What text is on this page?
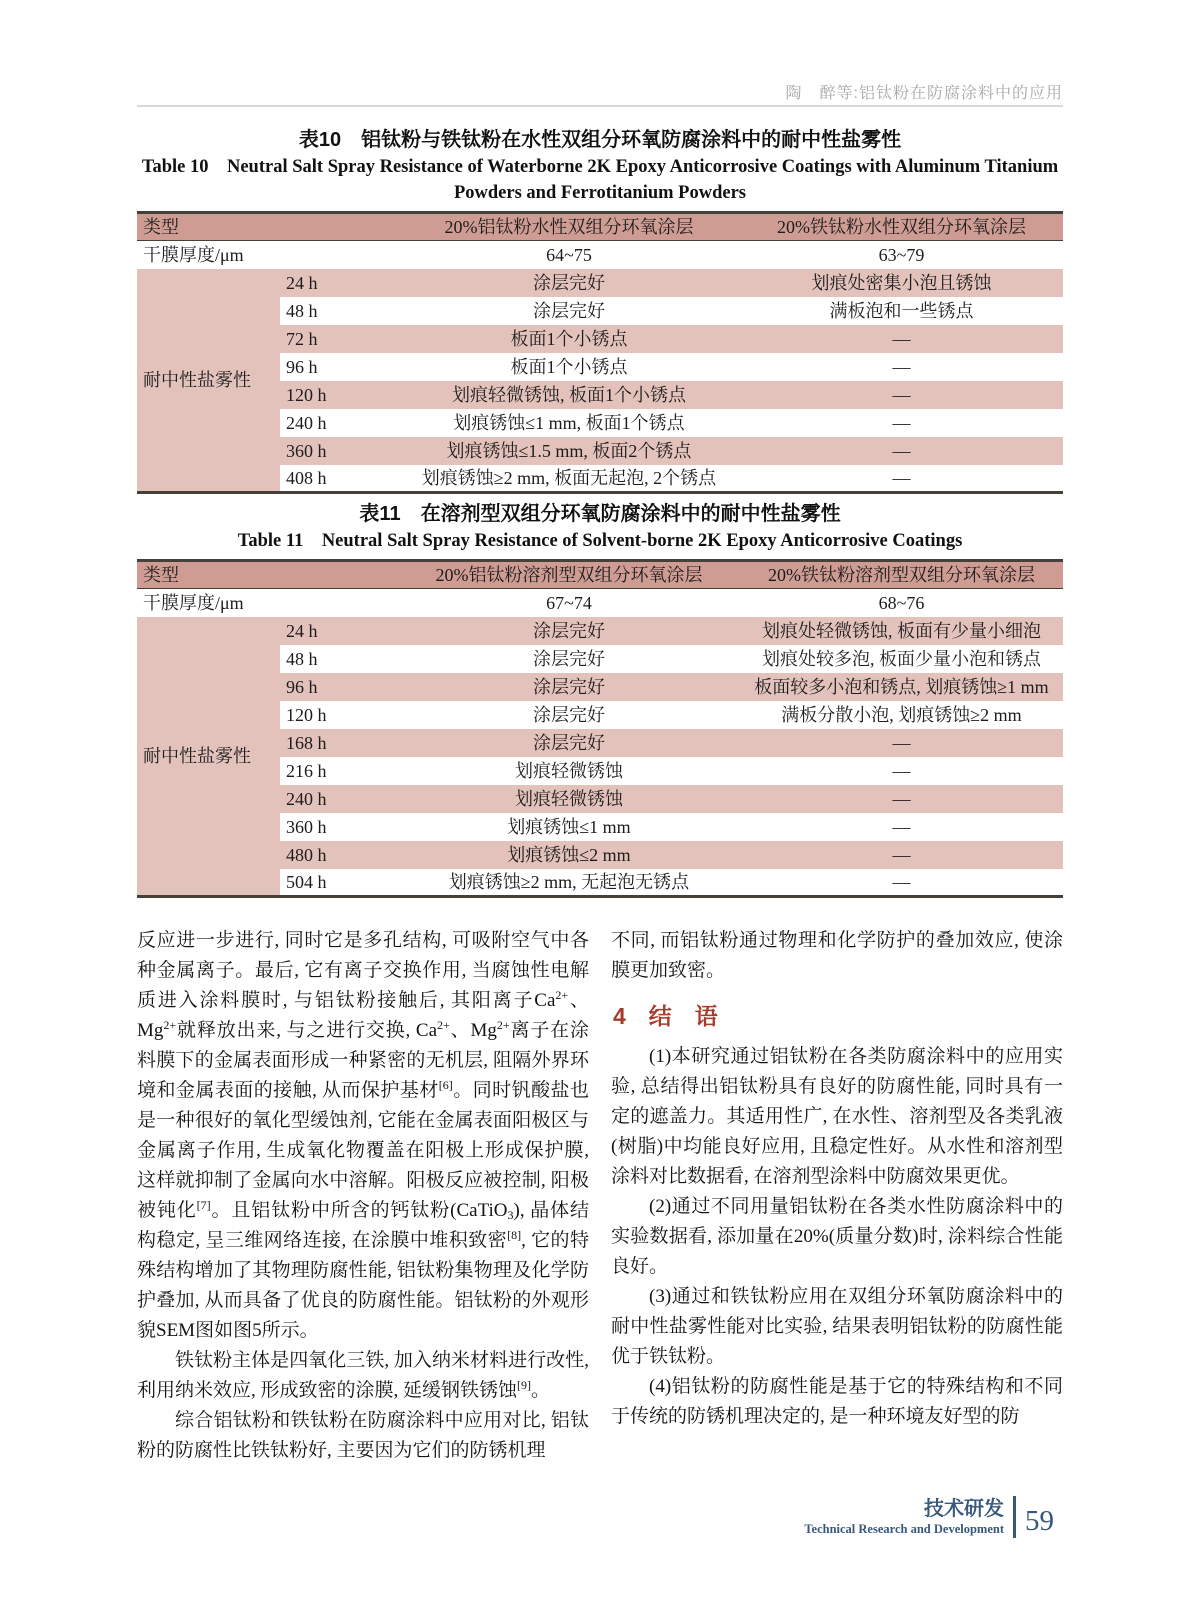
陶　醉等:铝钛粉在防腐涂料中的应用
表10　铝钛粉与铁钛粉在水性双组分环氧防腐涂料中的耐中性盐雾性
Table 10　Neutral Salt Spray Resistance of Waterborne 2K Epoxy Anticorrosive Coatings with Aluminum Titanium
Powders and Ferrotitanium Powders
类型		20%铝钛粉水性双组分环氧涂层	20%铁钛粉水性双组分环氧涂层
干膜厚度/μm		64~75	63~79
耐中性盐雾性	24 h	涂层完好	划痕处密集小泡且锈蚀
	48 h	涂层完好	满板泡和一些锈点
	72 h	板面1个小锈点	—
	96 h	板面1个小锈点	—
	120 h	划痕轻微锈蚀, 板面1个小锈点	—
	240 h	划痕锈蚀≤1 mm, 板面1个锈点	—
	360 h	划痕锈蚀≤1.5 mm, 板面2个锈点	—
	408 h	划痕锈蚀≥2 mm, 板面无起泡, 2个锈点	—
表11　在溶剂型双组分环氧防腐涂料中的耐中性盐雾性
Table 11　Neutral Salt Spray Resistance of Solvent-borne 2K Epoxy Anticorrosive Coatings
类型		20%铝钛粉溶剂型双组分环氧涂层	20%铁钛粉溶剂型双组分环氧涂层
干膜厚度/μm		67~74	68~76
耐中性盐雾性	24 h	涂层完好	划痕处轻微锈蚀, 板面有少量小细泡
	48 h	涂层完好	划痕处较多泡, 板面少量小泡和锈点
	96 h	涂层完好	板面较多小泡和锈点, 划痕锈蚀≥1 mm
	120 h	涂层完好	满板分散小泡, 划痕锈蚀≥2 mm
	168 h	涂层完好	—
	216 h	划痕轻微锈蚀	—
	240 h	划痕轻微锈蚀	—
	360 h	划痕锈蚀≤1 mm	—
	480 h	划痕锈蚀≤2 mm	—
	504 h	划痕锈蚀≥2 mm, 无起泡无锈点	—

反应进一步进行, 同时它是多孔结构, 可吸附空气中各种金属离子。最后, 它有离子交换作用, 当腐蚀性电解质进入涂料膜时, 与铝钛粉接触后, 其阳离子$Ca^{2+}$、$Mg^{2+}$就释放出来, 与之进行交换, $Ca^{2+}$、$Mg^{2+}$离子在涂料膜下的金属表面形成一种紧密的无机层, 阻隔外界环境和金属表面的接触, 从而保护基材[6]。同时钒酸盐也是一种很好的氧化型缓蚀剂, 它能在金属表面阳极区与金属离子作用, 生成氧化物覆盖在阳极上形成保护膜, 这样就抑制了金属向水中溶解。阳极反应被控制, 阳极被钝化[7]。且铝钛粉中所含的钙钛粉(CaTiO$_3$), 晶体结构稳定, 呈三维网络连接, 在涂膜中堆积致密[8], 它的特殊结构增加了其物理防腐性能, 铝钛粉集物理及化学防护叠加, 从而具备了优良的防腐性能。铝钛粉的外观形貌SEM图如图5所示。

铁钛粉主体是四氧化三铁, 加入纳米材料进行改性, 利用纳米效应, 形成致密的涂膜, 延缓钢铁锈蚀[9]。

综合铝钛粉和铁钛粉在防腐涂料中应用对比, 铝钛粉的防腐性比铁钛粉好, 主要因为它们的防锈机理

不同, 而铝钛粉通过物理和化学防护的叠加效应, 使涂膜更加致密。

4　结　语

(1)本研究通过铝钛粉在各类防腐涂料中的应用实验, 总结得出铝钛粉具有良好的防腐性能, 同时具有一定的遮盖力。其适用性广, 在水性、溶剂型及各类乳液(树脂)中均能良好应用, 且稳定性好。从水性和溶剂型涂料对比数据看, 在溶剂型涂料中防腐效果更优。

(2)通过不同用量铝钛粉在各类水性防腐涂料中的实验数据看, 添加量在20%(质量分数)时, 涂料综合性能良好。

(3)通过和铁钛粉应用在双组分环氧防腐涂料中的耐中性盐雾性能对比实验, 结果表明铝钛粉的防腐性能优于铁钛粉。

(4)铝钛粉的防腐性能是基于它的特殊结构和不同于传统的防锈机理决定的, 是一种环境友好型的防

技术研发
Technical Research and Development 59
